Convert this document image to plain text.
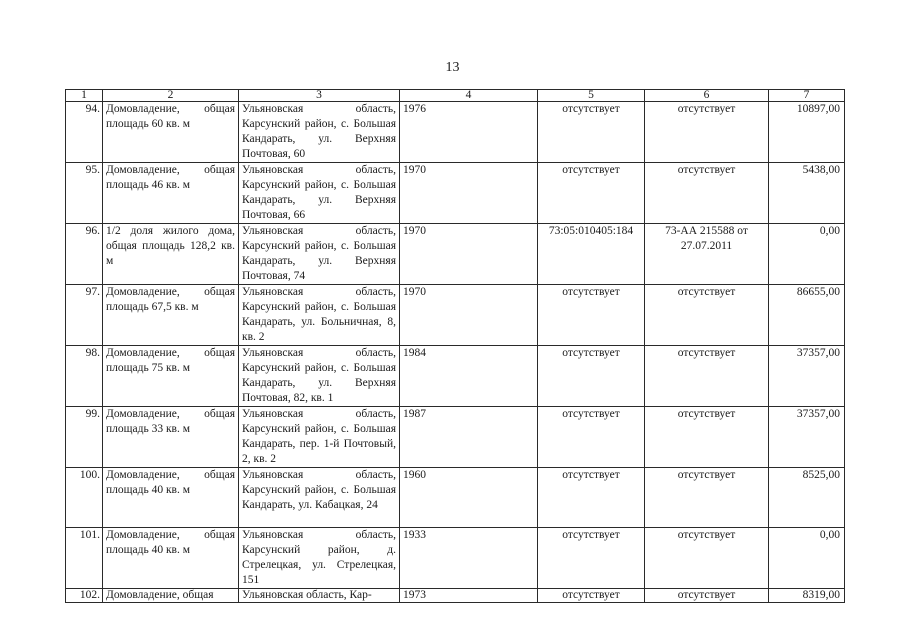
13
1	2	3	4	5	6	7
94.	Домовладение, общая площадь 60 кв. м	Ульяновская область, Карсунский район, с. Большая Кандарать, ул. Верхняя Почтовая, 60	1976	отсутствует	отсутствует	10897,00
95.	Домовладение, общая площадь 46 кв. м	Ульяновская область, Карсунский район, с. Большая Кандарать, ул. Верхняя Почтовая, 66	1970	отсутствует	отсутствует	5438,00
96.	1/2 доля жилого дома, общая площадь 128,2 кв. м	Ульяновская область, Карсунский район, с. Большая Кандарать, ул. Верхняя Почтовая, 74	1970	73:05:010405:184	73-АА 215588 от 27.07.2011	0,00
97.	Домовладение, общая площадь 67,5 кв. м	Ульяновская область, Карсунский район, с. Большая Кандарать, ул. Больничная, 8, кв. 2	1970	отсутствует	отсутствует	86655,00
98.	Домовладение, общая площадь 75 кв. м	Ульяновская область, Карсунский район, с. Большая Кандарать, ул. Верхняя Почтовая, 82, кв. 1	1984	отсутствует	отсутствует	37357,00
99.	Домовладение, общая площадь 33 кв. м	Ульяновская область, Карсунский район, с. Большая Кандарать, пер. 1-й Почтовый, 2, кв. 2	1987	отсутствует	отсутствует	37357,00
100.	Домовладение, общая площадь 40 кв. м	Ульяновская область, Карсунский район, с. Большая Кандарать, ул. Кабацкая, 24	1960	отсутствует	отсутствует	8525,00
101.	Домовладение, общая площадь 40 кв. м	Ульяновская область, Карсунский район, д. Стрелецкая, ул. Стрелецкая, 151	1933	отсутствует	отсутствует	0,00
102.	Домовладение, общая	Ульяновская область, Кар-	1973	отсутствует	отсутствует	8319,00
